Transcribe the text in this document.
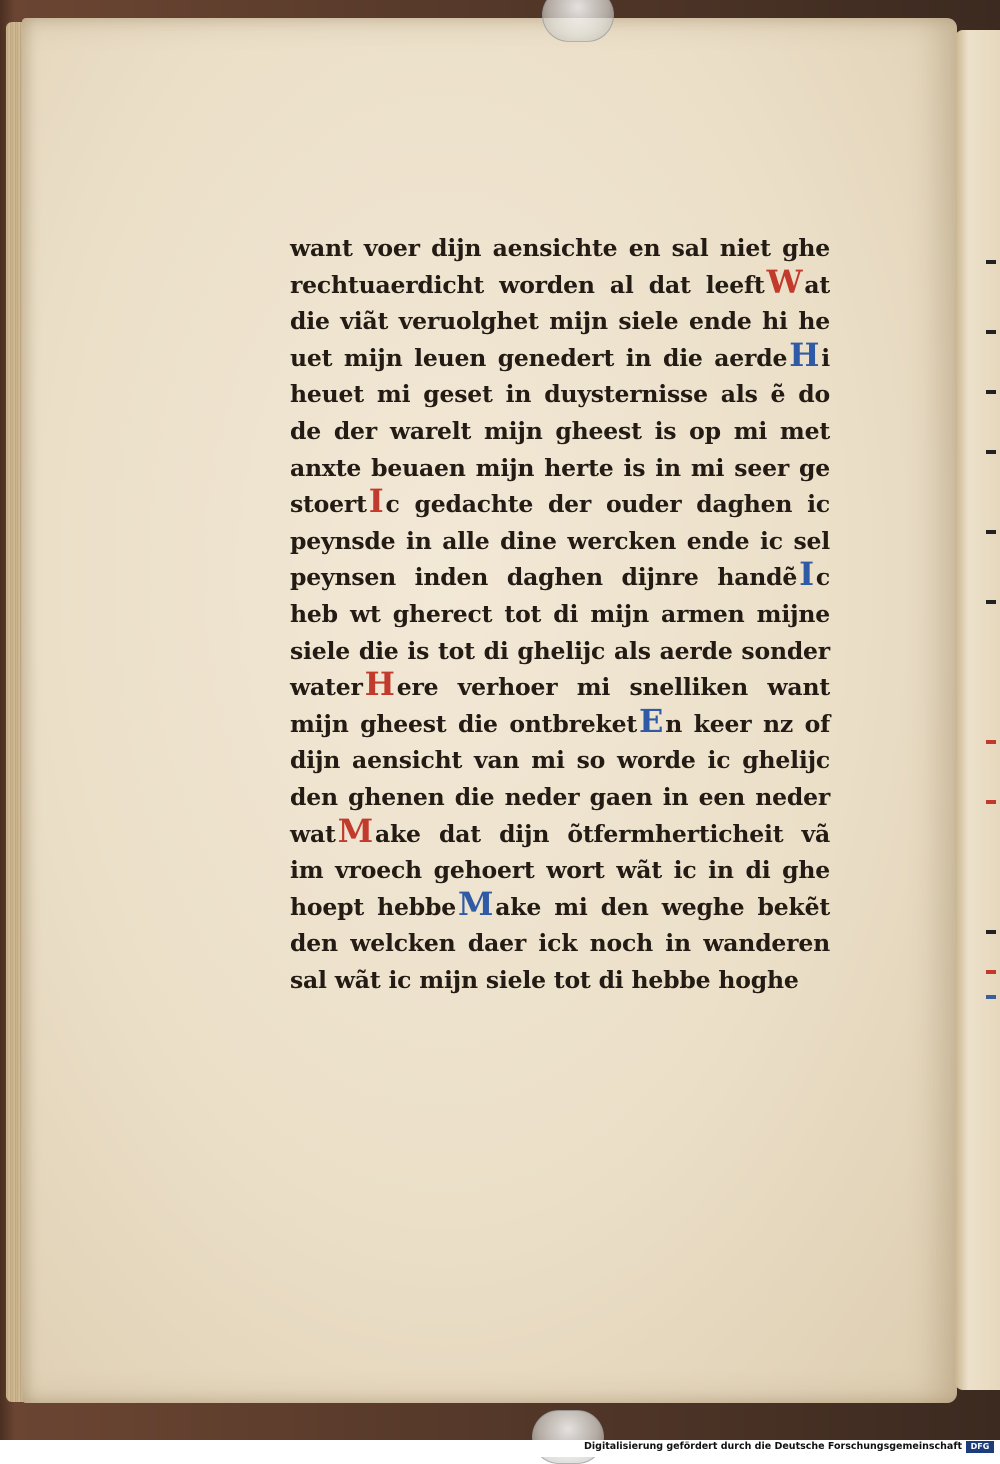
want voer dijn aensichte en sal niet ghe
rechtuaerdicht worden al dat leeftWat
die viãt veruolghet mijn siele ende hi he
uet mijn leuen genedert in die aerdeHi
heuet mi geset in duysternisse als ẽ do
de der warelt mijn gheest is op mi met
anxte beuaen mijn herte is in mi seer ge
stoertIc gedachte der ouder daghen ic
peynsde in alle dine wercken ende ic sel
peynsen inden daghen dijnre handẽIc
heb wt gherect tot di mijn armen mijne
siele die is tot di ghelijc als aerde sonder
waterHere verhoer mi snelliken want
mijn gheest die ontbreketEn keer nz of
dijn aensicht van mi so worde ic ghelijc
den ghenen die neder gaen in een neder
watMake dat dijn õtfermherticheit vã
im vroech gehoert wort wãt ic in di ghe
hoept hebbeMake mi den weghe bekẽt
den welcken daer ick noch in wanderen
sal wãt ic mijn siele tot di hebbe hoghe
Digitalisierung gefördert durch die Deutsche Forschungsgemeinschaft	DFG
